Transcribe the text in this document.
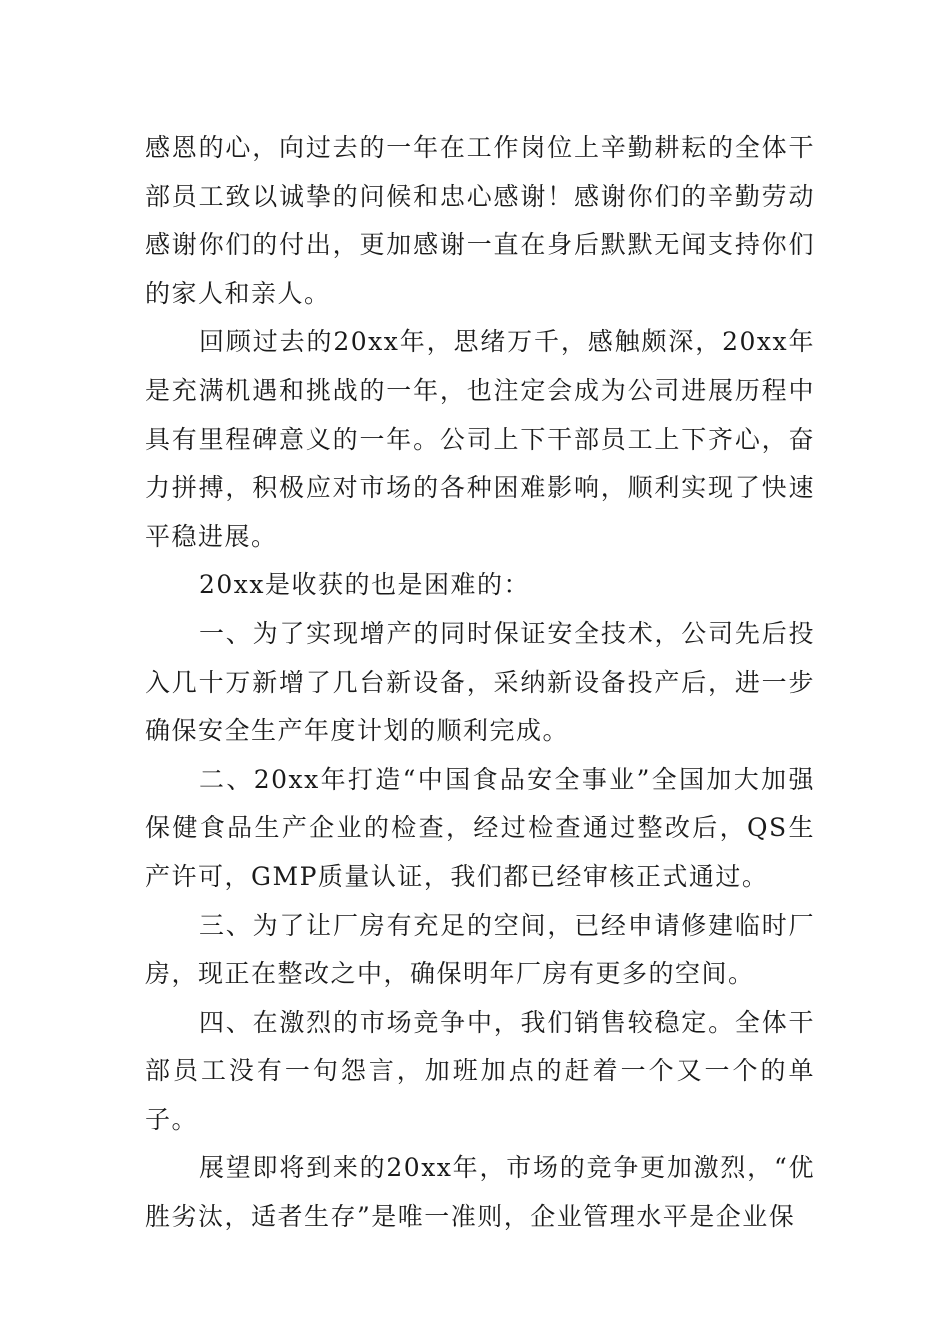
感恩的心，向过去的一年在工作岗位上辛勤耕耘的全体干部员工致以诚挚的问候和忠心感谢！感谢你们的辛勤劳动感谢你们的付出，更加感谢一直在身后默默无闻支持你们的家人和亲人。

回顾过去的20xx年，思绪万千，感触颇深，20xx年是充满机遇和挑战的一年，也注定会成为公司进展历程中具有里程碑意义的一年。公司上下干部员工上下齐心，奋力拼搏，积极应对市场的各种困难影响，顺利实现了快速平稳进展。

20xx是收获的也是困难的：

一、为了实现增产的同时保证安全技术，公司先后投入几十万新增了几台新设备，采纳新设备投产后，进一步确保安全生产年度计划的顺利完成。

二、20xx年打造“中国食品安全事业”全国加大加强保健食品生产企业的检查，经过检查通过整改后，QS生产许可，GMP质量认证，我们都已经审核正式通过。

三、为了让厂房有充足的空间，已经申请修建临时厂房，现正在整改之中，确保明年厂房有更多的空间。

四、在激烈的市场竞争中，我们销售较稳定。全体干部员工没有一句怨言，加班加点的赶着一个又一个的单子。

展望即将到来的20xx年，市场的竞争更加激烈，“优胜劣汰，适者生存”是唯一准则，企业管理水平是企业保
